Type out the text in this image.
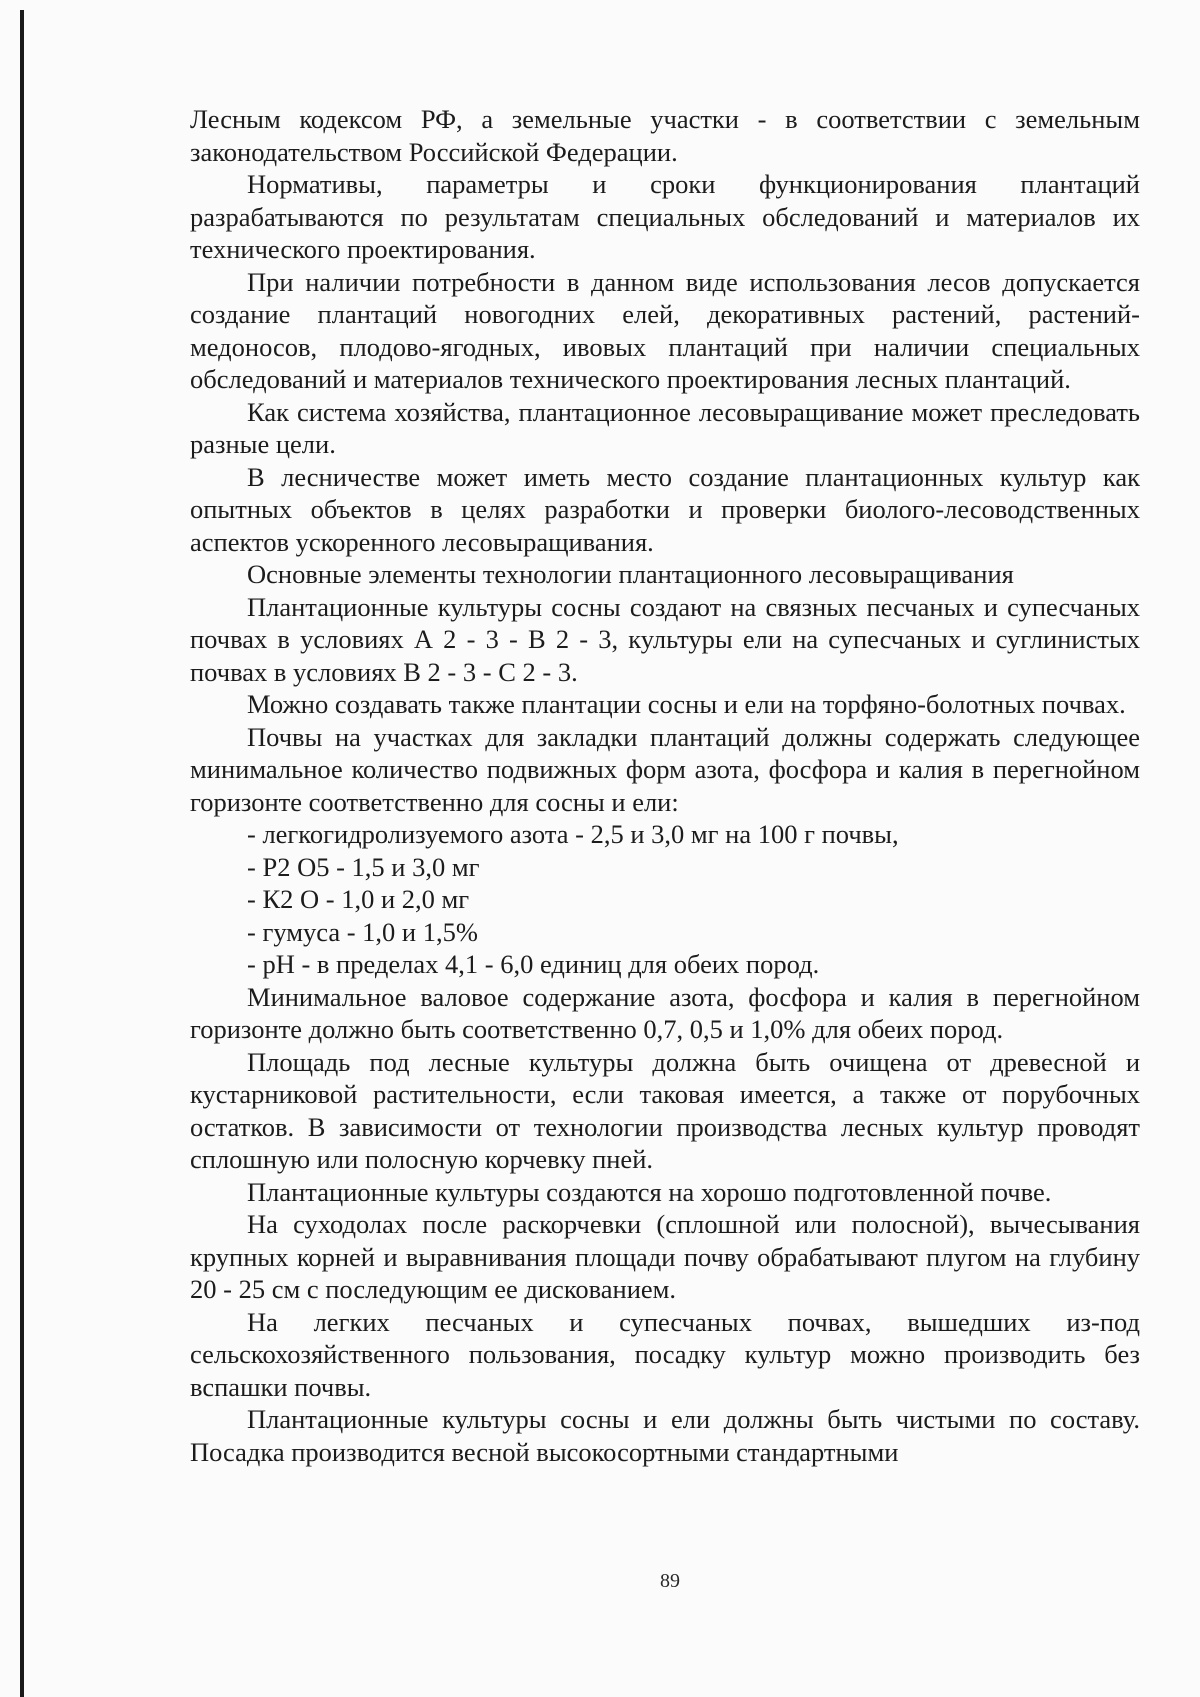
Лесным кодексом РФ, а земельные участки - в соответствии с земельным законодательством Российской Федерации.

Нормативы, параметры и сроки функционирования плантаций разрабатываются по результатам специальных обследований и материалов их технического проектирования.

При наличии потребности в данном виде использования лесов допускается создание плантаций новогодних елей, декоративных растений, растений-медоносов, плодово-ягодных, ивовых плантаций при наличии специальных обследований и материалов технического проектирования лесных плантаций.

Как система хозяйства, плантационное лесовыращивание может преследовать разные цели.

В лесничестве может иметь место создание плантационных культур как опытных объектов в целях разработки и проверки биолого-лесоводственных аспектов ускоренного лесовыращивания.

Основные элементы технологии плантационного лесовыращивания

Плантационные культуры сосны создают на связных песчаных и супесчаных почвах в условиях А 2 - 3 - В 2 - 3, культуры ели на супесчаных и суглинистых почвах в условиях В 2 - 3 - С 2 - 3.

Можно создавать также плантации сосны и ели на торфяно-болотных почвах.

Почвы на участках для закладки плантаций должны содержать следующее минимальное количество подвижных форм азота, фосфора и калия в перегнойном горизонте соответственно для сосны и ели:

- легкогидролизуемого азота - 2,5 и 3,0 мг на 100 г почвы,

- Р2 О5 - 1,5 и 3,0 мг

- К2 О - 1,0 и 2,0 мг

- гумуса - 1,0 и 1,5%

- рН - в пределах 4,1 - 6,0 единиц для обеих пород.

Минимальное валовое содержание азота, фосфора и калия в перегнойном горизонте должно быть соответственно 0,7, 0,5 и 1,0% для обеих пород.

Площадь под лесные культуры должна быть очищена от древесной и кустарниковой растительности, если таковая имеется, а также от порубочных остатков. В зависимости от технологии производства лесных культур проводят сплошную или полосную корчевку пней.

Плантационные культуры создаются на хорошо подготовленной почве.

На суходолах после раскорчевки (сплошной или полосной), вычесывания крупных корней и выравнивания площади почву обрабатывают плугом на глубину 20 - 25 см с последующим ее дискованием.

На легких песчаных и супесчаных почвах, вышедших из-под сельскохозяйственного пользования, посадку культур можно производить без вспашки почвы.

Плантационные культуры сосны и ели должны быть чистыми по составу. Посадка производится весной высокосортными стандартными

89
